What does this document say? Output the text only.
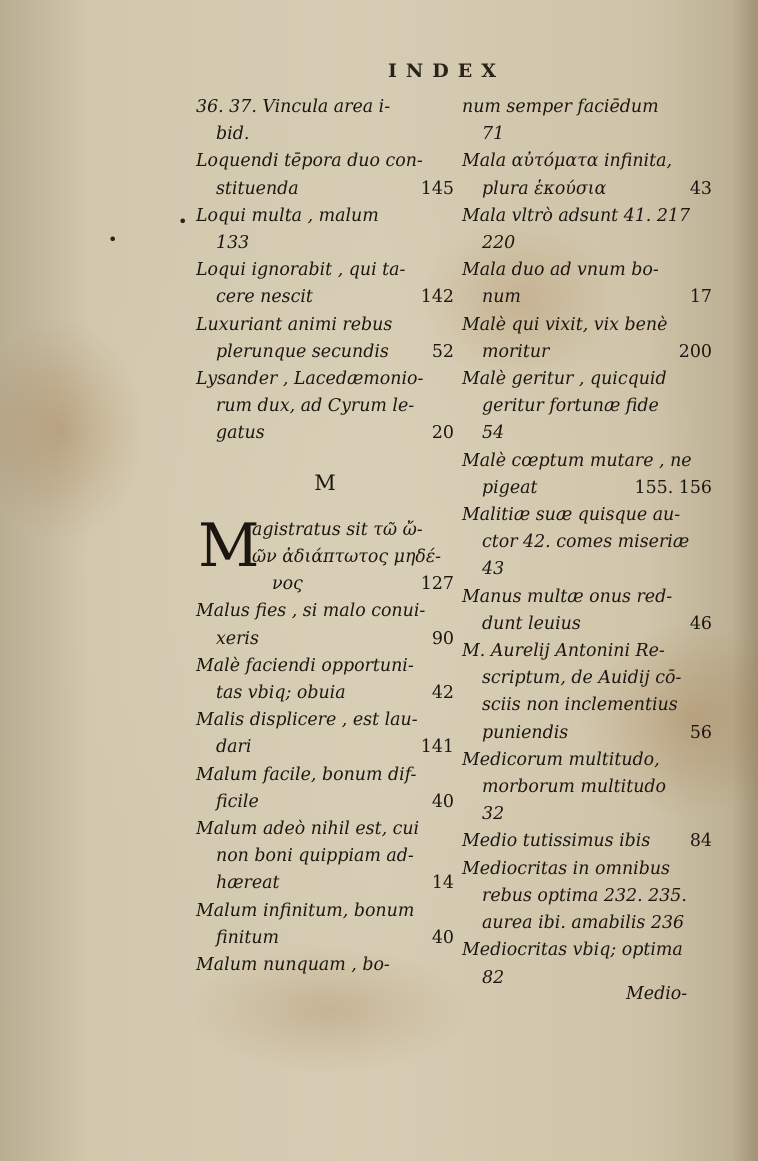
INDEX
•
•
36. 37. Vincula area i-
bid.
Loquendi tēpora duo con-
stituenda	145
Loqui multa , malum
133
Loqui ignorabit , qui ta-
cere nescit	142
Luxuriant animi rebus
plerunque secundis 52
Lysander , Lacedæmonio-
rum dux, ad Cyrum le-
gatus	20
M
M
agistratus sit τῶ ὤ-
ῶν ἀδιάπτωτος μηδέ-
νος	127
Malus fies , si malo conui-
xeris	90
Malè faciendi opportuni-
tas vbiq; obuia	42
Malis displicere , est lau-
dari	141
Malum facile, bonum dif-
ficile	40
Malum adeò nihil est, cui
non boni quippiam ad-
hæreat	14
Malum infinitum, bonum
finitum	40
Malum nunquam , bo-
num semper faciēdum
71
Mala αὐτόματα infinita,
plura ἑκούσια	43
Mala vltrò adsunt 41. 217
220
Mala duo ad vnum bo-
num	17
Malè qui vixit, vix benè
moritur	200
Malè geritur , quicquid
geritur fortunæ fide
54
Malè cœptum mutare , ne
pigeat	155. 156
Malitiæ suæ quisque au-
ctor 42. comes miseriæ
43
Manus multæ onus red-
dunt leuius	46
M. Aurelij Antonini Re-
scriptum, de Auidij cō-
sciis non inclementius
puniendis	56
Medicorum multitudo,
morborum multitudo
32
Medio tutissimus ibis 84
Mediocritas in omnibus
rebus optima 232. 235.
aurea ibi. amabilis 236
Mediocritas vbiq; optima
82
Medio-
